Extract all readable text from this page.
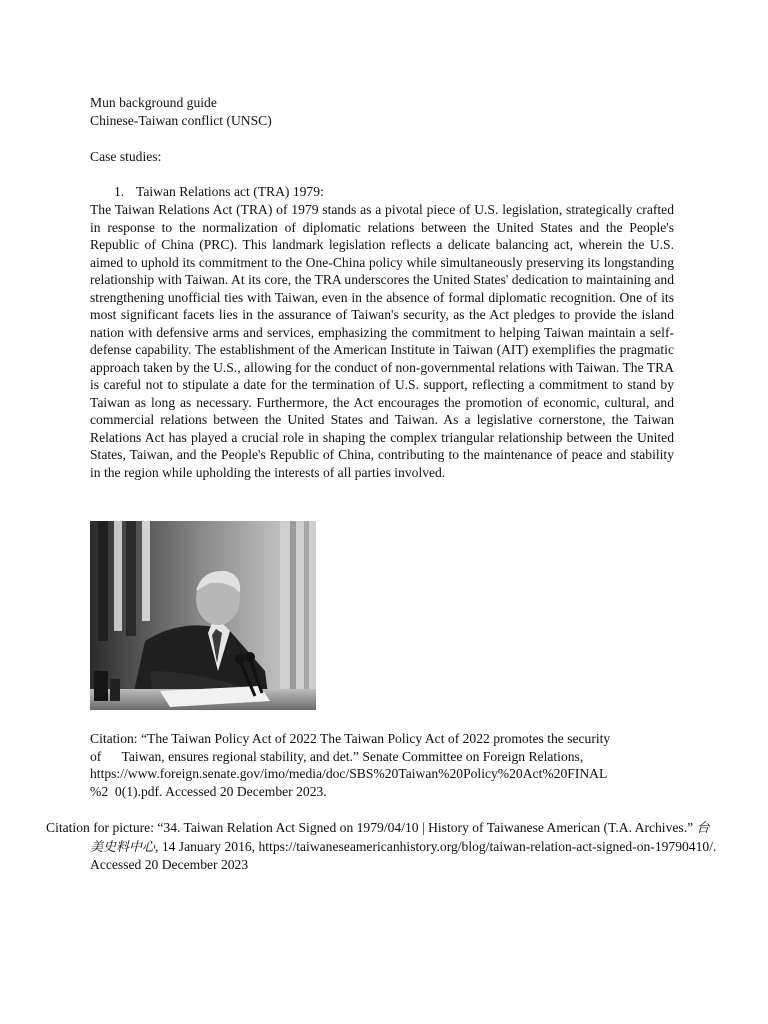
Mun background guide
Chinese-Taiwan conflict (UNSC)
Case studies:
1. Taiwan Relations act (TRA) 1979:
The Taiwan Relations Act (TRA) of 1979 stands as a pivotal piece of U.S. legislation, strategically crafted in response to the normalization of diplomatic relations between the United States and the People's Republic of China (PRC). This landmark legislation reflects a delicate balancing act, wherein the U.S. aimed to uphold its commitment to the One-China policy while simultaneously preserving its longstanding relationship with Taiwan. At its core, the TRA underscores the United States' dedication to maintaining and strengthening unofficial ties with Taiwan, even in the absence of formal diplomatic recognition. One of its most significant facets lies in the assurance of Taiwan's security, as the Act pledges to provide the island nation with defensive arms and services, emphasizing the commitment to helping Taiwan maintain a self-defense capability. The establishment of the American Institute in Taiwan (AIT) exemplifies the pragmatic approach taken by the U.S., allowing for the conduct of non-governmental relations with Taiwan. The TRA is careful not to stipulate a date for the termination of U.S. support, reflecting a commitment to stand by Taiwan as long as necessary. Furthermore, the Act encourages the promotion of economic, cultural, and commercial relations between the United States and Taiwan. As a legislative cornerstone, the Taiwan Relations Act has played a crucial role in shaping the complex triangular relationship between the United States, Taiwan, and the People's Republic of China, contributing to the maintenance of peace and stability in the region while upholding the interests of all parties involved.
Citation: “The Taiwan Policy Act of 2022 The Taiwan Policy Act of 2022 promotes the security
of      Taiwan, ensures regional stability, and det.” Senate Committee on Foreign Relations,
https://www.foreign.senate.gov/imo/media/doc/SBS%20Taiwan%20Policy%20Act%20FINAL
%2  0(1).pdf. Accessed 20 December 2023.
Citation for picture: “34. Taiwan Relation Act Signed on 1979/04/10 | History of Taiwanese American (T.A. Archives.” 台美史料中心, 14 January 2016, https://taiwaneseamericanhistory.org/blog/taiwan-relation-act-signed-on-19790410/. Accessed 20 December 2023
